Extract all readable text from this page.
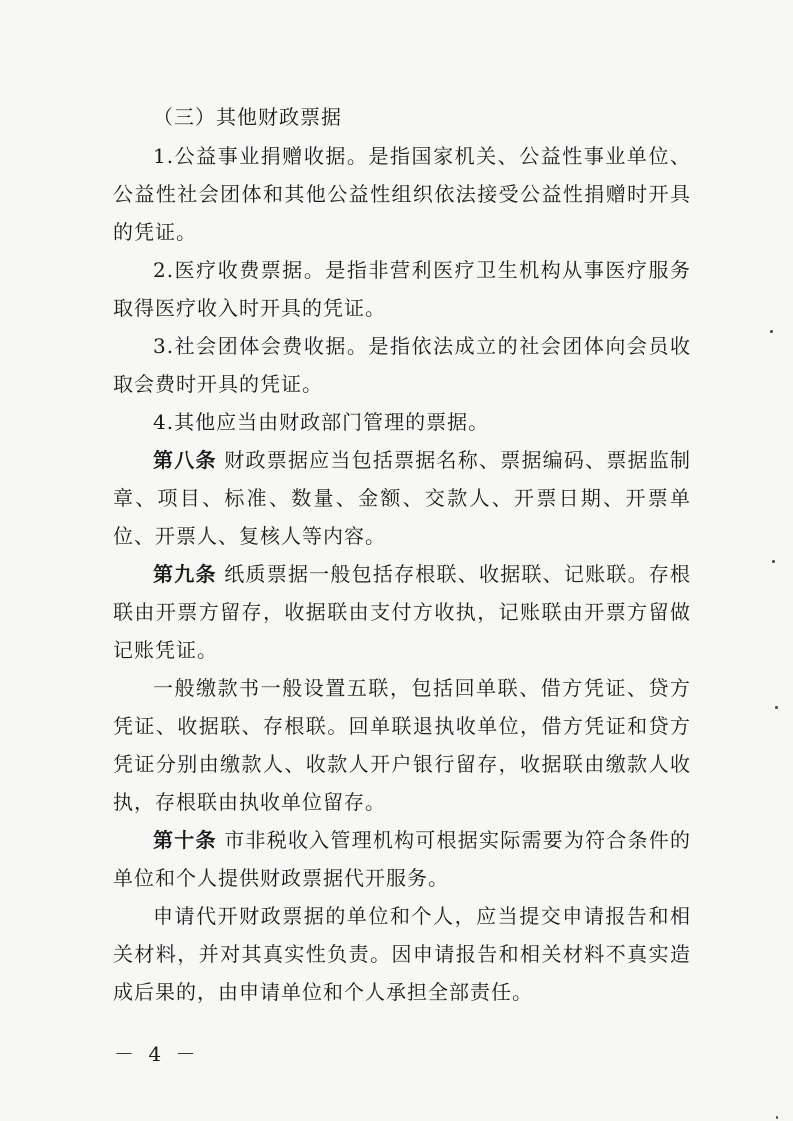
（三）其他财政票据

1.公益事业捐赠收据。是指国家机关、公益性事业单位、公益性社会团体和其他公益性组织依法接受公益性捐赠时开具的凭证。

2.医疗收费票据。是指非营利医疗卫生机构从事医疗服务取得医疗收入时开具的凭证。

3.社会团体会费收据。是指依法成立的社会团体向会员收取会费时开具的凭证。

4.其他应当由财政部门管理的票据。

第八条 财政票据应当包括票据名称、票据编码、票据监制章、项目、标准、数量、金额、交款人、开票日期、开票单位、开票人、复核人等内容。

第九条 纸质票据一般包括存根联、收据联、记账联。存根联由开票方留存，收据联由支付方收执，记账联由开票方留做记账凭证。

一般缴款书一般设置五联，包括回单联、借方凭证、贷方凭证、收据联、存根联。回单联退执收单位，借方凭证和贷方凭证分别由缴款人、收款人开户银行留存，收据联由缴款人收执，存根联由执收单位留存。

第十条 市非税收入管理机构可根据实际需要为符合条件的单位和个人提供财政票据代开服务。

申请代开财政票据的单位和个人，应当提交申请报告和相关材料，并对其真实性负责。因申请报告和相关材料不真实造成后果的，由申请单位和个人承担全部责任。

－ 4 －
